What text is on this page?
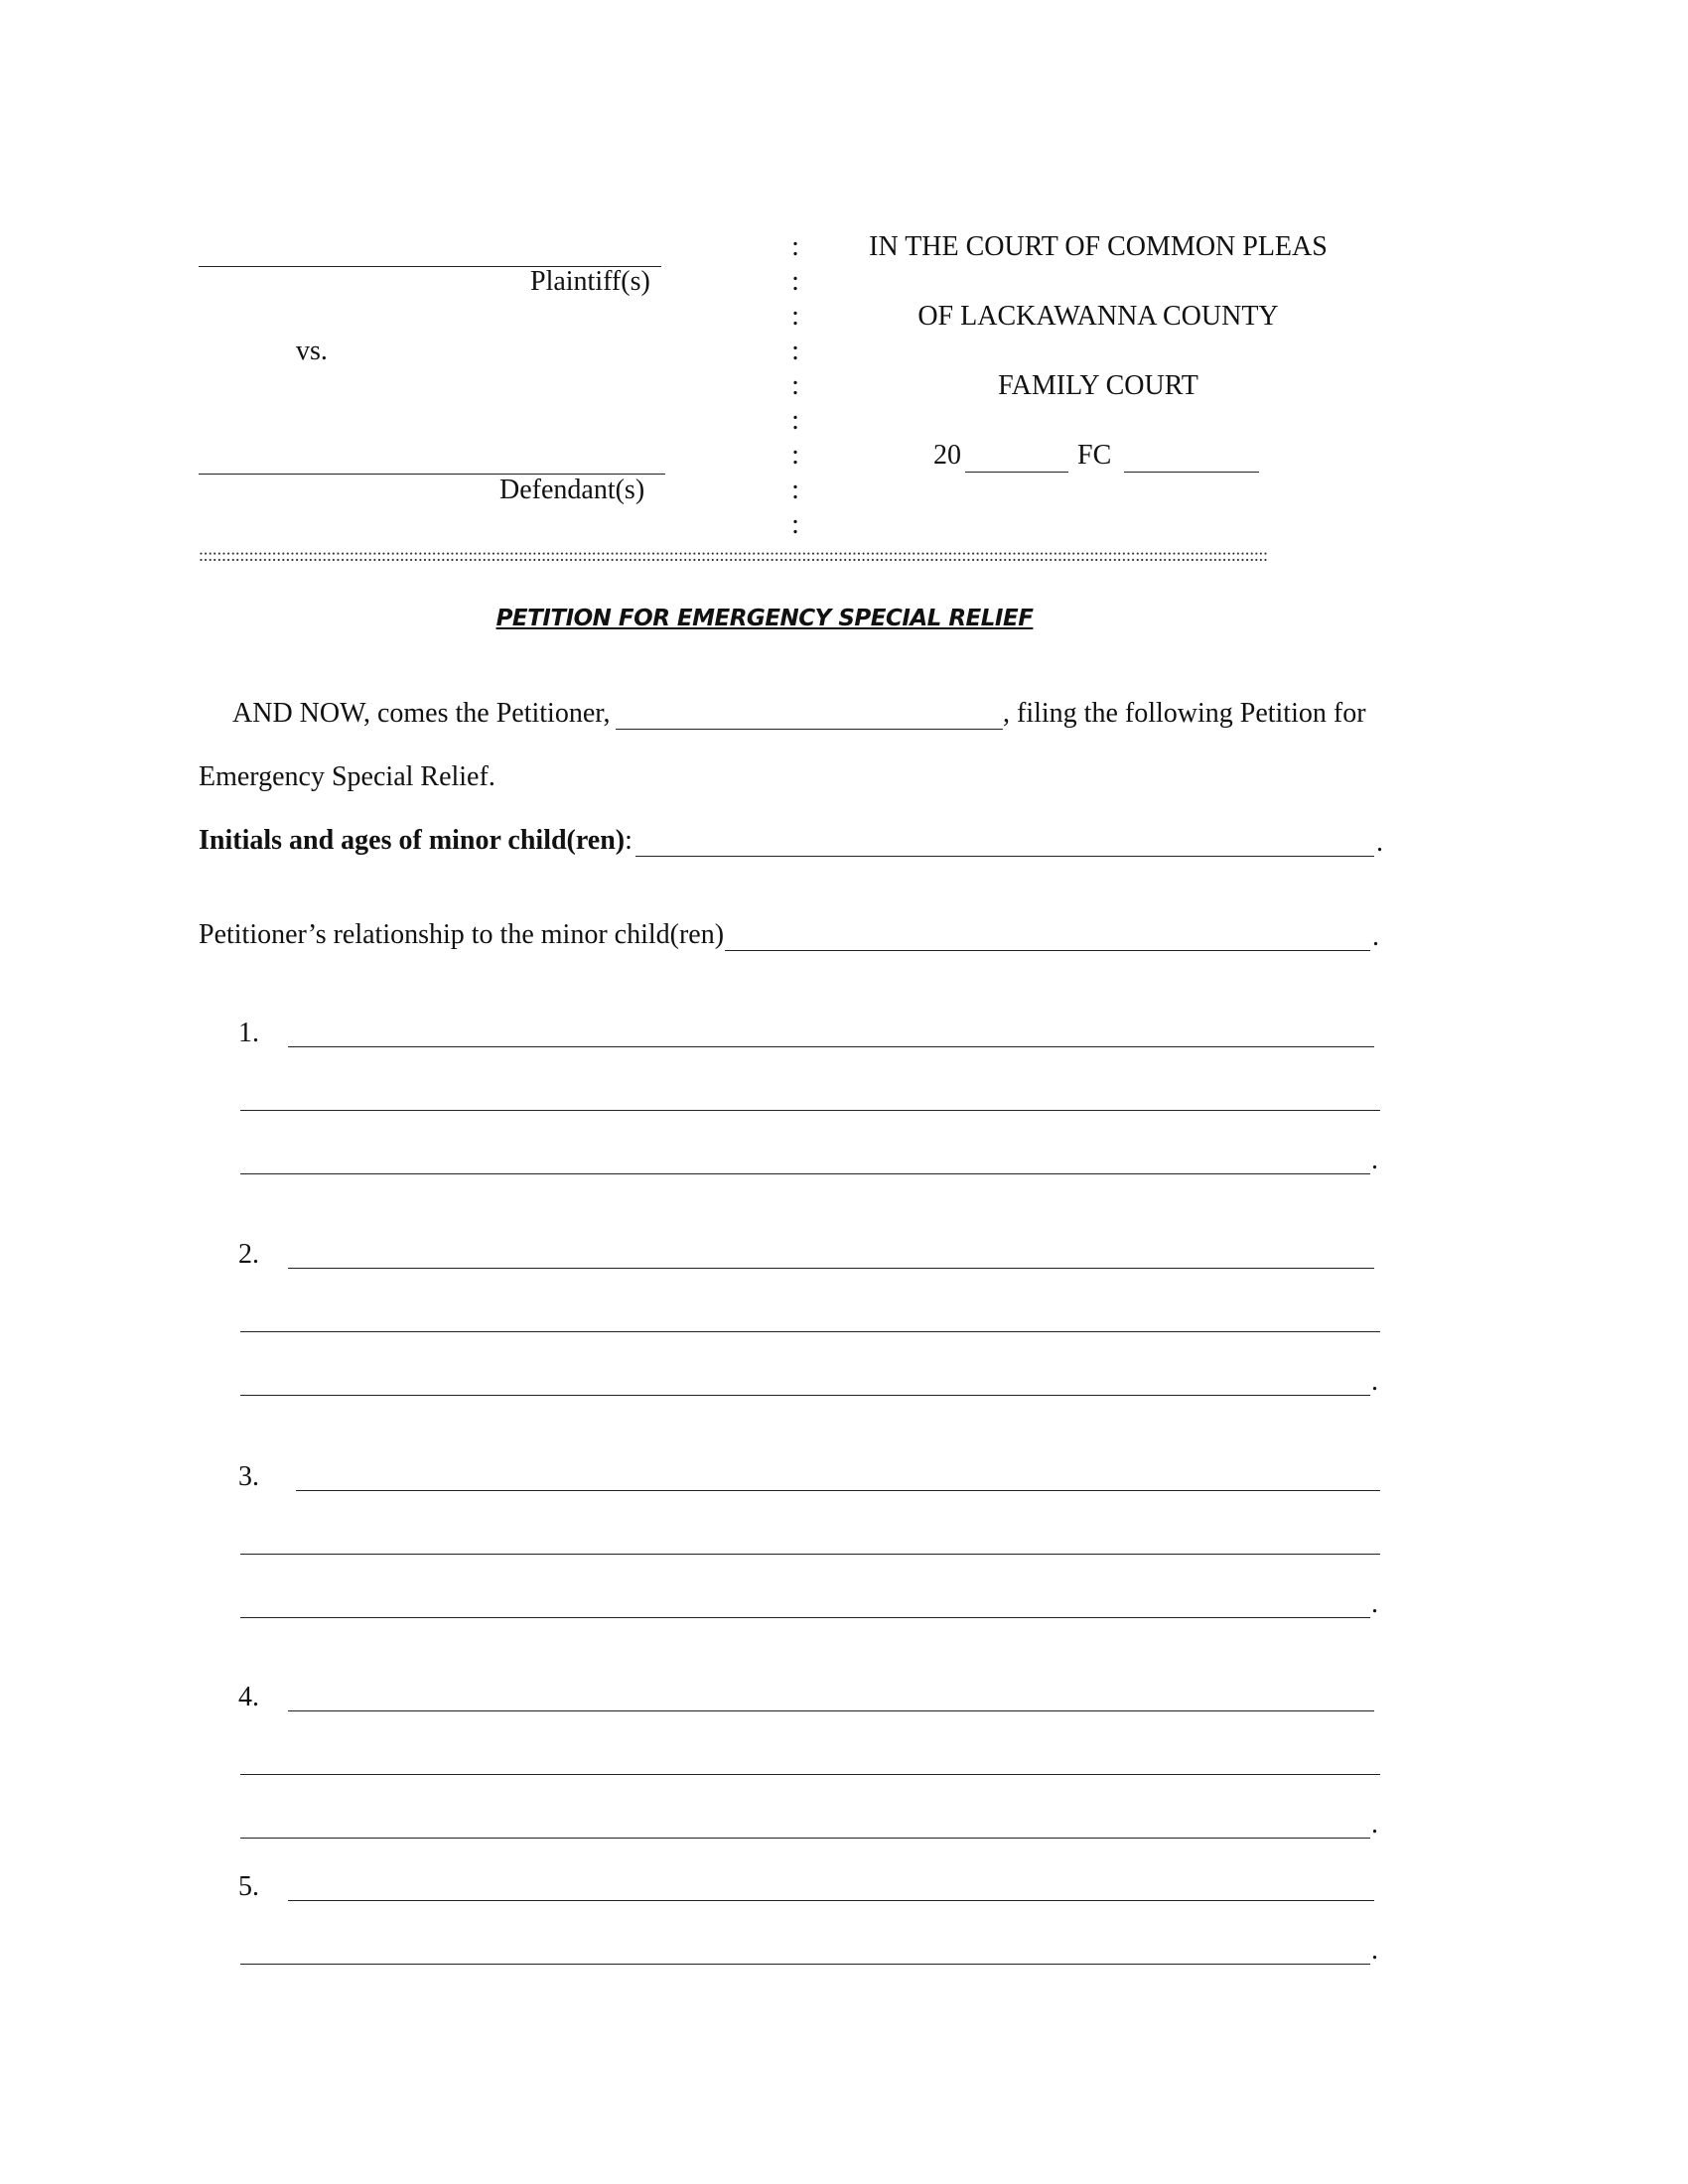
Plaintiff(s)
vs.
Defendant(s)
:
:
:
:
:
:
:
:
:
IN THE COURT OF COMMON PLEAS
OF LACKAWANNA COUNTY
FAMILY COURT
20	FC
::::::::::::::::::::::::::::::::::::::::::::::::::::::::::::::::::::::::::::::::::::::::::::::::::::::::::::::::::::::::::::::::::::::::::::::::::::::::::::::::::::::::::::::::::::::::::::::::::::::::::::::::::::::::::::::::::::::::::
PETITION FOR EMERGENCY SPECIAL RELIEF
AND NOW, comes the Petitioner,	, filing the following Petition for
Emergency Special Relief.
Initials and ages of minor child(ren):	.
Petitioner’s relationship to the minor child(ren)	.
1.
.
2.
.
3.
.
4.
.
5.
.
